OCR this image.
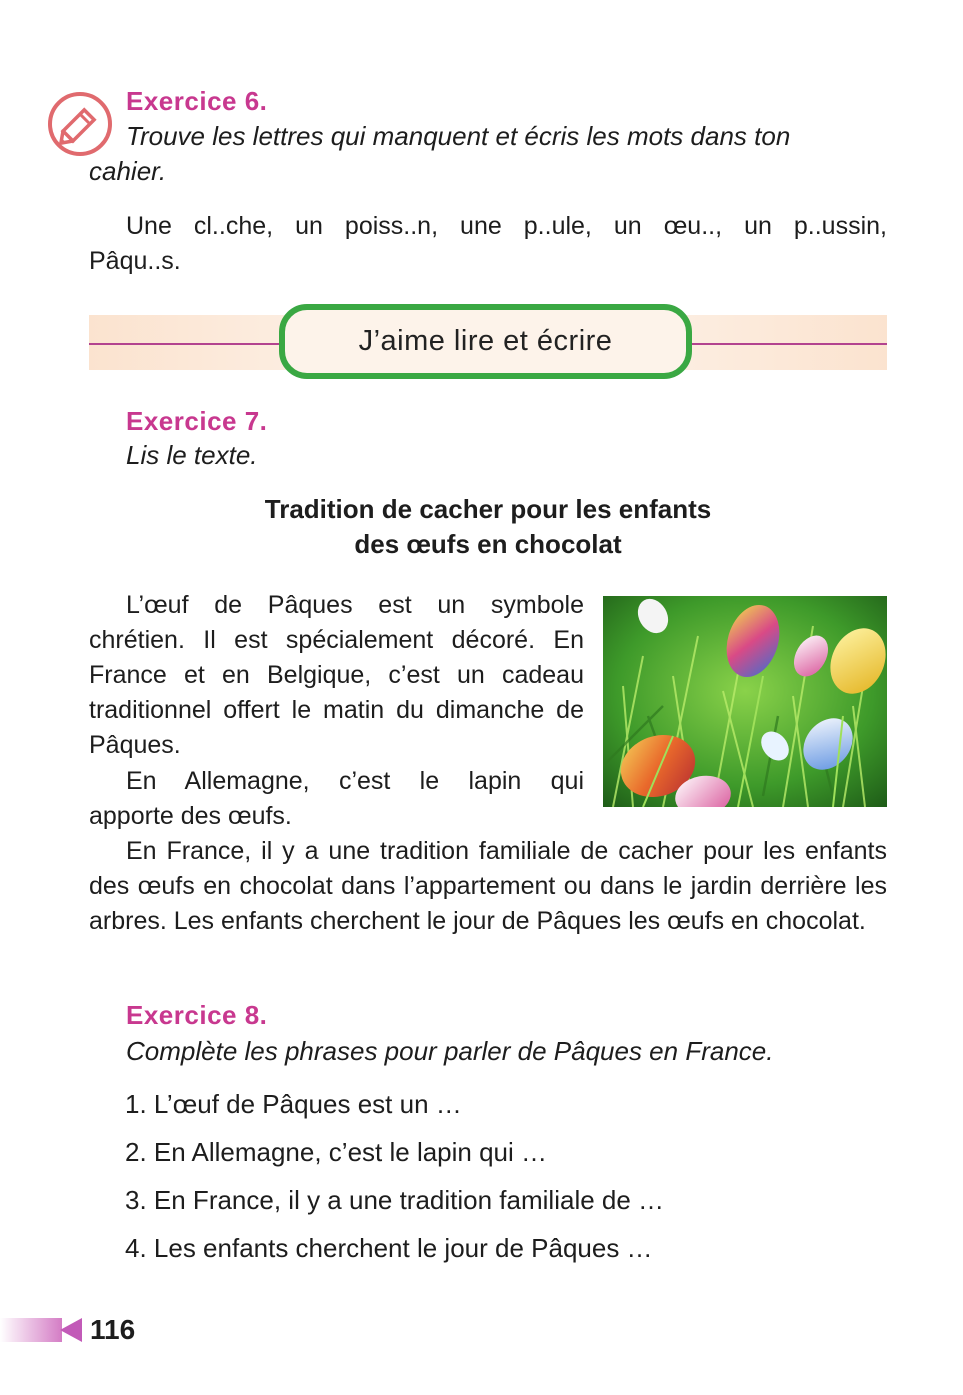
Exercice 6.
Trouve les lettres qui manquent et écris les mots dans ton
cahier.
Une cl..che, un poiss..n, une p..ule, un œu.., un p..ussin,
Pâqu..s.
J’aime lire et écrire
Exercice 7.
Lis le texte.
Tradition de cacher pour les enfants
des œufs en chocolat
L’œuf de Pâques est un symbole chrétien. Il est spécialement décoré. En France et en Belgique, c’est un cadeau traditionnel offert le matin du dimanche de Pâques.
En Allemagne, c’est le lapin qui
apporte des œufs.
En France, il y a une tradition familiale de cacher pour les enfants des œufs en chocolat dans l’appartement ou dans le jardin derrière les arbres. Les enfants cherchent le jour de Pâques les œufs en chocolat.
Exercice 8.
Complète les phrases pour parler de Pâques en France.
1. L’œuf de Pâques est un …
2. En Allemagne, c’est le lapin qui …
3. En France, il y a une tradition familiale de …
4. Les enfants cherchent le jour de Pâques …
116
